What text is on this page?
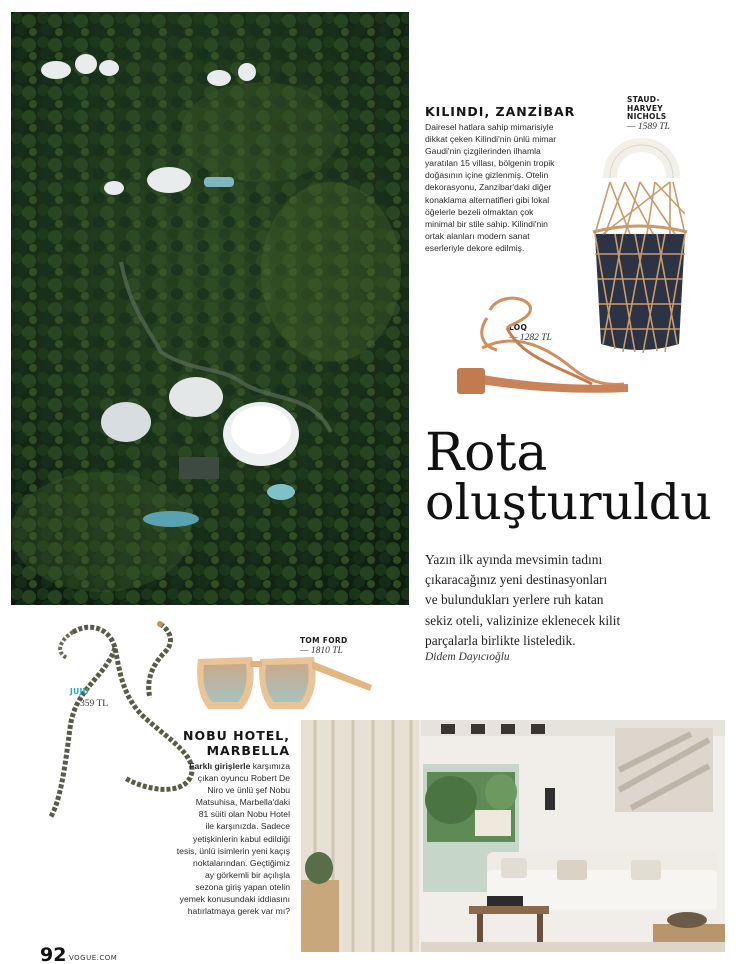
KILINDI, ZANZİBAR
Dairesel hatlara sahip mimarisiyle
dikkat çeken Kilindi'nin ünlü mimar
Gaudi'nin çizgilerinden ilhamla
yaratılan 15 villası, bölgenin tropik
doğasının içine gizlenmiş. Otelin
dekorasyonu, Zanzibar'daki diğer
konaklama alternatifleri gibi lokal
öğelerle bezeli olmaktan çok
minimal bir stile sahip. Kilindi'nin
ortak alanları modern sanat
eserleriyle dekore edilmiş.
STAUD-
HARVEY
NICHOLS
— 1589 TL
LOQ
— 1282 TL
Rota
oluşturuldu
Yazın ilk ayında mevsimin tadını
çıkaracağınız yeni destinasyonları
ve bulundukları yerlere ruh katan
sekiz oteli, valizinize eklenecek kilit
parçalarla birlikte listeledik.
Didem Dayıcıoğlu
JUJU
359 TL
TOM FORD
— 1810 TL
NOBU HOTEL,
MARBELLA
Farklı girişlerle karşımıza
çıkan oyuncu Robert De
Niro ve ünlü şef Nobu
Matsuhisa, Marbella'daki
81 süiti olan Nobu Hotel
ile karşınızda. Sadece
yetişkinlerin kabul edildiği
tesis, ünlü isimlerin yeni kaçış
noktalarından. Geçtiğimiz
ay görkemli bir açılışla
sezona giriş yapan otelin
yemek konusundaki iddiasını
hatırlatmaya gerek var mı?
92 VOGUE.COM
